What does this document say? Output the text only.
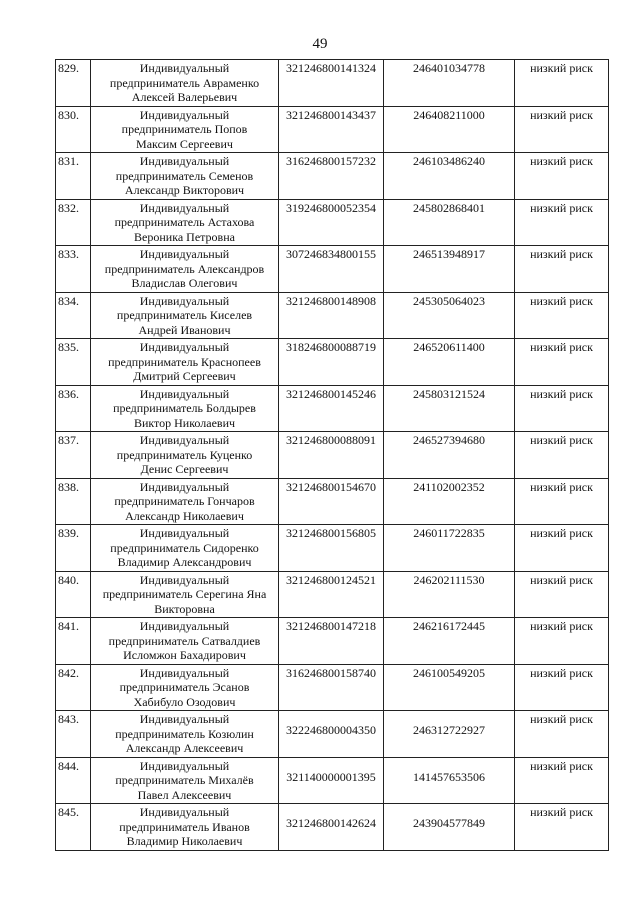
49
829.	Индивидуальный
предприниматель Авраменко
Алексей Валерьевич	321246800141324	246401034778	низкий риск
830.	Индивидуальный
предприниматель Попов
Максим Сергеевич	321246800143437	246408211000	низкий риск
831.	Индивидуальный
предприниматель Семенов
Александр Викторович	316246800157232	246103486240	низкий риск
832.	Индивидуальный
предприниматель Астахова
Вероника Петровна	319246800052354	245802868401	низкий риск
833.	Индивидуальный
предприниматель Александров
Владислав Олегович	307246834800155	246513948917	низкий риск
834.	Индивидуальный
предприниматель Киселев
Андрей Иванович	321246800148908	245305064023	низкий риск
835.	Индивидуальный
предприниматель Краснопеев
Дмитрий Сергеевич	318246800088719	246520611400	низкий риск
836.	Индивидуальный
предприниматель Болдырев
Виктор Николаевич	321246800145246	245803121524	низкий риск
837.	Индивидуальный
предприниматель Куценко
Денис Сергеевич	321246800088091	246527394680	низкий риск
838.	Индивидуальный
предприниматель Гончаров
Александр Николаевич	321246800154670	241102002352	низкий риск
839.	Индивидуальный
предприниматель Сидоренко
Владимир Александрович	321246800156805	246011722835	низкий риск
840.	Индивидуальный
предприниматель Серегина Яна
Викторовна	321246800124521	246202111530	низкий риск
841.	Индивидуальный
предприниматель Сатвалдиев
Исломжон Бахадирович	321246800147218	246216172445	низкий риск
842.	Индивидуальный
предприниматель Эсанов
Хабибуло Озодович	316246800158740	246100549205	низкий риск
843.	Индивидуальный
предприниматель Козюлин
Александр Алексеевич	322246800004350	246312722927	низкий риск
844.	Индивидуальный
предприниматель Михалёв
Павел Алексеевич	321140000001395	141457653506	низкий риск
845.	Индивидуальный
предприниматель Иванов
Владимир Николаевич	321246800142624	243904577849	низкий риск
